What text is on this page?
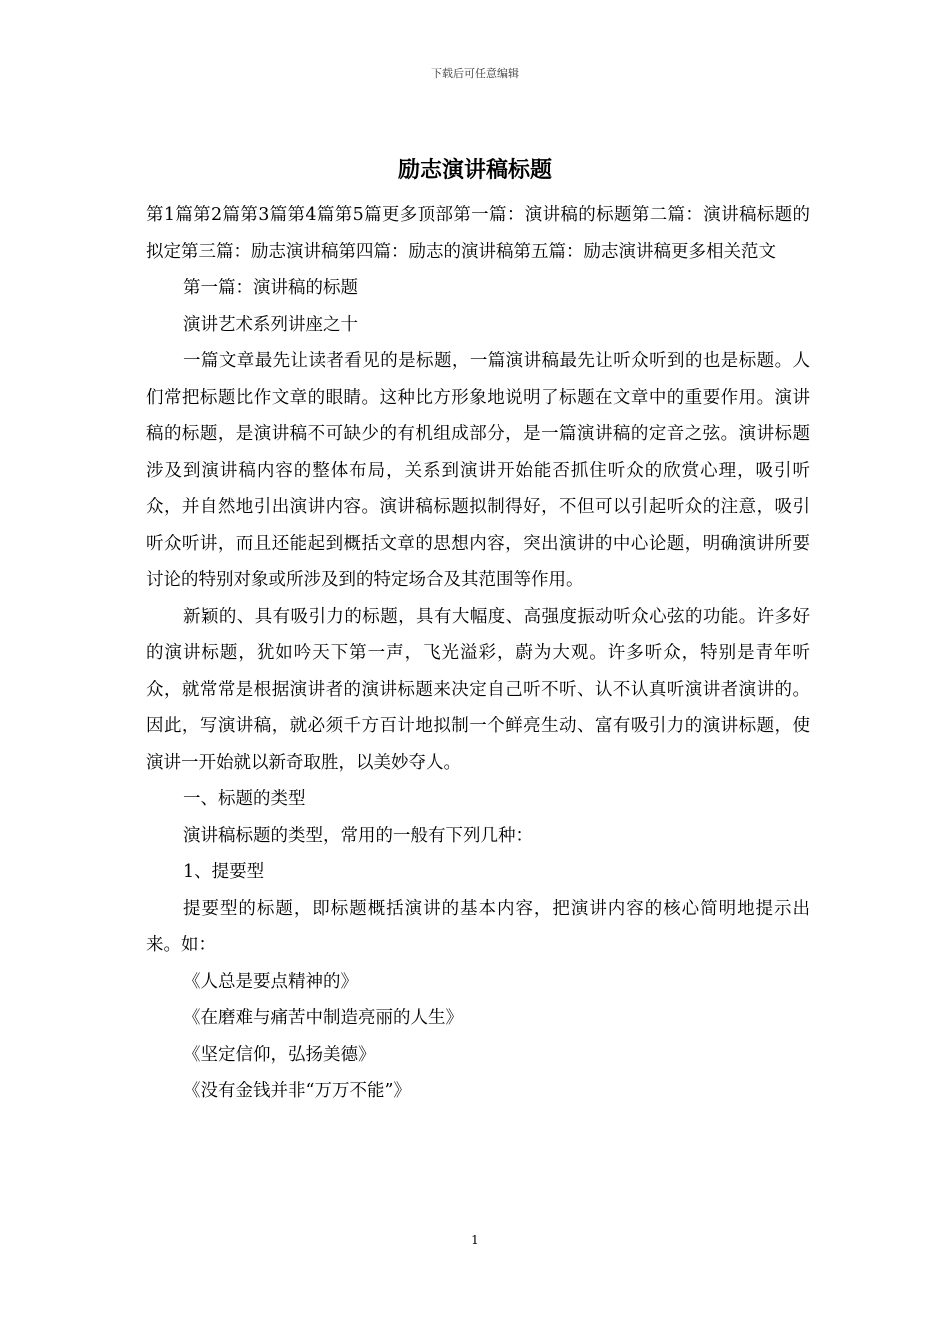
下载后可任意编辑
励志演讲稿标题

第1篇第2篇第3篇第4篇第5篇更多顶部第一篇：演讲稿的标题第二篇：演讲稿标题的拟定第三篇：励志演讲稿第四篇：励志的演讲稿第五篇：励志演讲稿更多相关范文

第一篇：演讲稿的标题

演讲艺术系列讲座之十

一篇文章最先让读者看见的是标题，一篇演讲稿最先让听众听到的也是标题。人们常把标题比作文章的眼睛。这种比方形象地说明了标题在文章中的重要作用。演讲稿的标题，是演讲稿不可缺少的有机组成部分，是一篇演讲稿的定音之弦。演讲标题涉及到演讲稿内容的整体布局，关系到演讲开始能否抓住听众的欣赏心理，吸引听众，并自然地引出演讲内容。演讲稿标题拟制得好，不但可以引起听众的注意，吸引听众听讲，而且还能起到概括文章的思想内容，突出演讲的中心论题，明确演讲所要讨论的特别对象或所涉及到的特定场合及其范围等作用。

新颖的、具有吸引力的标题，具有大幅度、高强度振动听众心弦的功能。许多好的演讲标题，犹如吟天下第一声，飞光溢彩，蔚为大观。许多听众，特别是青年听众，就常常是根据演讲者的演讲标题来决定自己听不听、认不认真听演讲者演讲的。因此，写演讲稿，就必须千方百计地拟制一个鲜亮生动、富有吸引力的演讲标题，使演讲一开始就以新奇取胜，以美妙夺人。

一、标题的类型

演讲稿标题的类型，常用的一般有下列几种：

1、提要型

提要型的标题，即标题概括演讲的基本内容，把演讲内容的核心简明地提示出来。如：

《人总是要点精神的》

《在磨难与痛苦中制造亮丽的人生》

《坚定信仰，弘扬美德》

《没有金钱并非“万万不能”》

1
